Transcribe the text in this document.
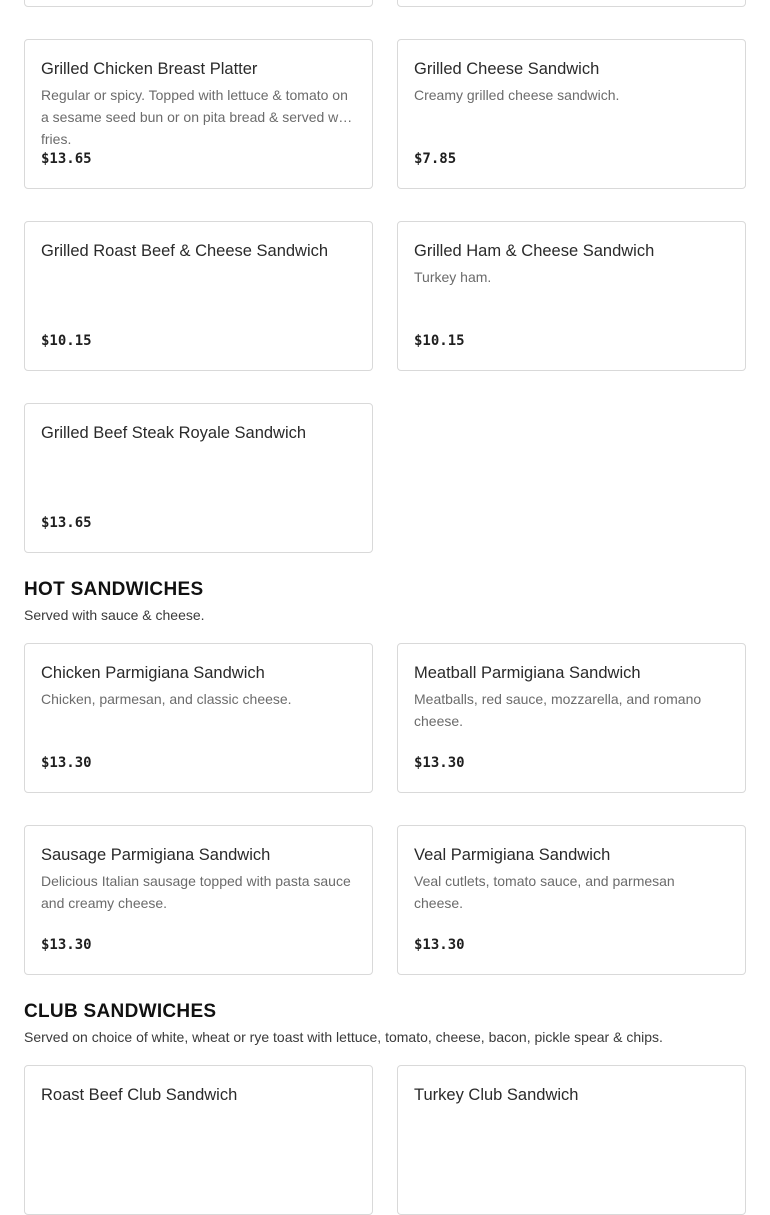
Grilled Chicken Breast Platter
Regular or spicy. Topped with lettuce & tomato on a sesame seed bun or on pita bread & served with fries.
$13.65
Grilled Cheese Sandwich
Creamy grilled cheese sandwich.
$7.85
Grilled Roast Beef & Cheese Sandwich
$10.15
Grilled Ham & Cheese Sandwich
Turkey ham.
$10.15
Grilled Beef Steak Royale Sandwich
$13.65
HOT SANDWICHES
Served with sauce & cheese.
Chicken Parmigiana Sandwich
Chicken, parmesan, and classic cheese.
$13.30
Meatball Parmigiana Sandwich
Meatballs, red sauce, mozzarella, and romano cheese.
$13.30
Sausage Parmigiana Sandwich
Delicious Italian sausage topped with pasta sauce and creamy cheese.
$13.30
Veal Parmigiana Sandwich
Veal cutlets, tomato sauce, and parmesan cheese.
$13.30
CLUB SANDWICHES
Served on choice of white, wheat or rye toast with lettuce, tomato, cheese, bacon, pickle spear & chips.
Roast Beef Club Sandwich	Turkey Club Sandwich
